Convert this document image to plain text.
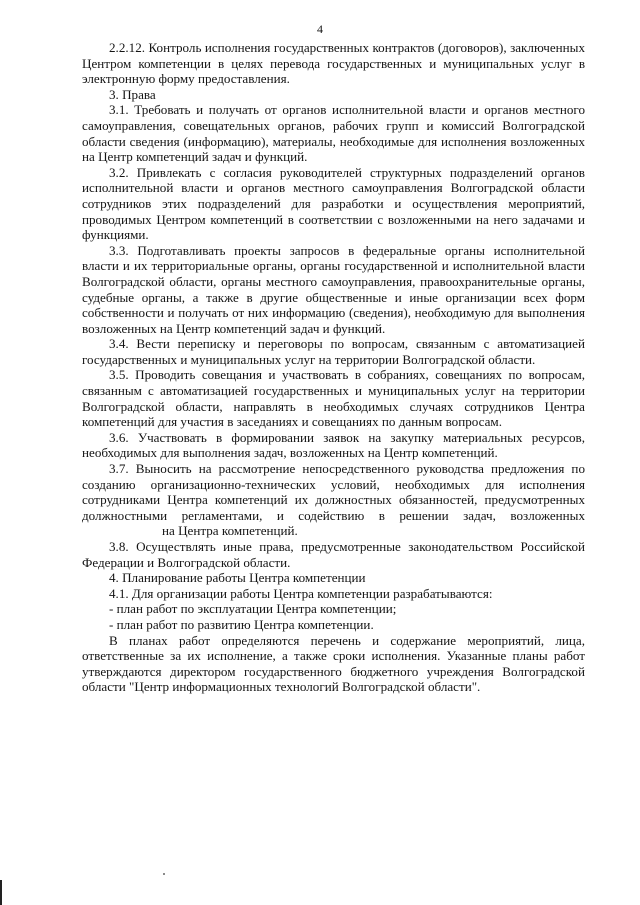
4

2.2.12. Контроль исполнения государственных контрактов (договоров), заключенных Центром компетенции в целях перевода государственных и муниципальных услуг в электронную форму предоставления.

3. Права

3.1. Требовать и получать от органов исполнительной власти и органов местного самоуправления, совещательных органов, рабочих групп и комиссий Волгоградской области сведения (информацию), материалы, необходимые для исполнения возложенных на Центр компетенций задач и функций.

3.2. Привлекать с согласия руководителей структурных подразделений органов исполнительной власти и органов местного самоуправления Волгоградской области сотрудников этих подразделений для разработки и осуществления мероприятий, проводимых Центром компетенций в соответствии с возложенными на него задачами и функциями.

3.3. Подготавливать проекты запросов в федеральные органы исполнительной власти и их территориальные органы, органы государственной и исполнительной власти Волгоградской области, органы местного самоуправления, правоохранительные органы, судебные органы, а также в другие общественные и иные организации всех форм собственности и получать от них информацию (сведения), необходимую для выполнения возложенных на Центр компетенций задач и функций.

3.4. Вести переписку и переговоры по вопросам, связанным с автоматизацией государственных и муниципальных услуг на территории Волгоградской области.

3.5. Проводить совещания и участвовать в собраниях, совещаниях по вопросам, связанным с автоматизацией государственных и муниципальных услуг на территории Волгоградской области, направлять в необходимых случаях сотрудников Центра компетенций для участия в заседаниях и совещаниях по данным вопросам.

3.6. Участвовать в формировании заявок на закупку материальных ресурсов, необходимых для выполнения задач, возложенных на Центр компетенций.

3.7. Выносить на рассмотрение непосредственного руководства предложения по созданию организационно-технических условий, необходимых для исполнения сотрудниками Центра компетенций их должностных обязанностей, предусмотренных должностными регламентами, и содействию в решении задач, возложенныхна Центра компетенций.

3.8. Осуществлять иные права, предусмотренные законодательством Российской Федерации и Волгоградской области.

4. Планирование работы Центра компетенции

4.1. Для организации работы Центра компетенции разрабатываются:

- план работ по эксплуатации Центра компетенции;

- план работ по развитию Центра компетенции.

В планах работ определяются перечень и содержание мероприятий, лица, ответственные за их исполнение, а также сроки исполнения. Указанные планы работ утверждаются директором государственного бюджетного учреждения Волгоградской области "Центр информационных технологий Волгоградской области".
